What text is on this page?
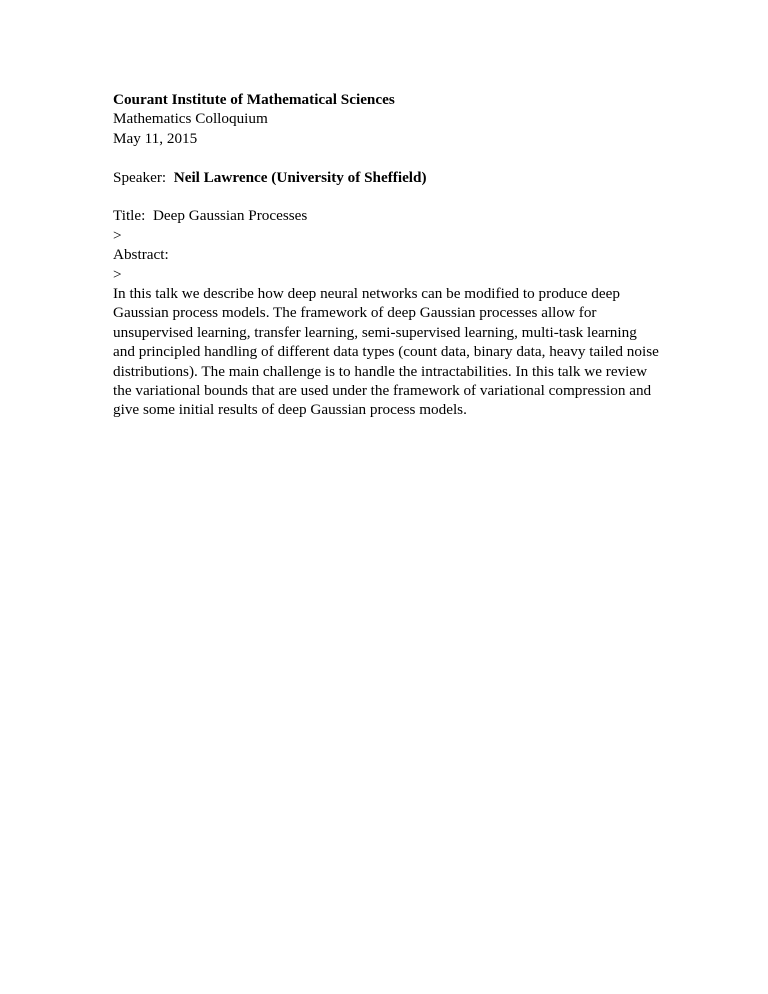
Courant Institute of Mathematical Sciences
Mathematics Colloquium
May 11, 2015
Speaker: Neil Lawrence (University of Sheffield)
Title: Deep Gaussian Processes
>
Abstract:
>
In this talk we describe how deep neural networks can be modified to produce deep
Gaussian process models. The framework of deep Gaussian processes allow for
unsupervised learning, transfer learning, semi-supervised learning, multi-task learning
and principled handling of different data types (count data, binary data, heavy tailed noise
distributions). The main challenge is to handle the intractabilities. In this talk we review
the variational bounds that are used under the framework of variational compression and
give some initial results of deep Gaussian process models.
